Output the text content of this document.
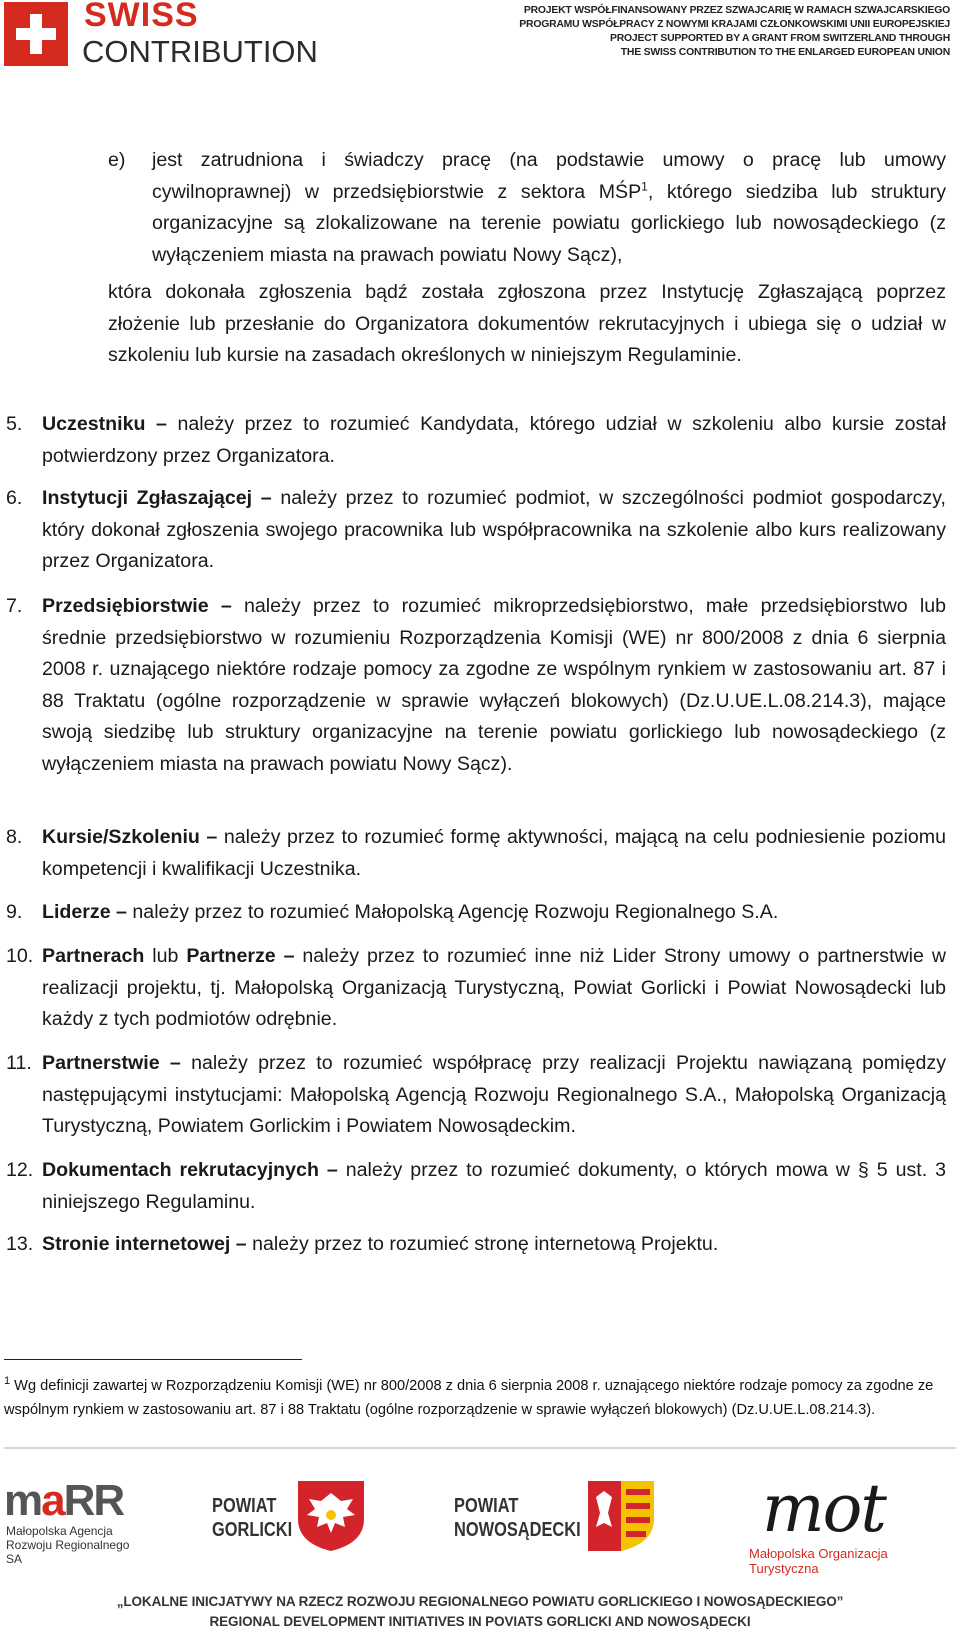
SWISS
CONTRIBUTION
PROJEKT WSPÓŁFINANSOWANY PRZEZ SZWAJCARIĘ W RAMACH SZWAJCARSKIEGO
PROGRAMU WSPÓŁPRACY Z NOWYMI KRAJAMI CZŁONKOWSKIMI UNII EUROPEJSKIEJ
PROJECT SUPPORTED BY A GRANT FROM SWITZERLAND THROUGH
THE SWISS CONTRIBUTION TO THE ENLARGED EUROPEAN UNION
e) jest zatrudniona i świadczy pracę (na podstawie umowy o pracę lub umowy cywilnoprawnej) w przedsiębiorstwie z sektora MŚP$^1$, którego siedziba lub struktury organizacyjne są zlokalizowane na terenie powiatu gorlickiego lub nowosądeckiego (z wyłączeniem miasta na prawach powiatu Nowy Sącz),
która dokonała zgłoszenia bądź została zgłoszona przez Instytucję Zgłaszającą poprzez złożenie lub przesłanie do Organizatora dokumentów rekrutacyjnych i ubiega się o udział w szkoleniu lub kursie na zasadach określonych w niniejszym Regulaminie.
5. Uczestniku – należy przez to rozumieć Kandydata, którego udział w szkoleniu albo kursie został potwierdzony przez Organizatora.
6. Instytucji Zgłaszającej – należy przez to rozumieć podmiot, w szczególności podmiot gospodarczy, który dokonał zgłoszenia swojego pracownika lub współpracownika na szkolenie albo kurs realizowany przez Organizatora.
7. Przedsiębiorstwie – należy przez to rozumieć mikroprzedsiębiorstwo, małe przedsiębiorstwo lub średnie przedsiębiorstwo w rozumieniu Rozporządzenia Komisji (WE) nr 800/2008 z dnia 6 sierpnia 2008 r. uznającego niektóre rodzaje pomocy za zgodne ze wspólnym rynkiem w zastosowaniu art. 87 i 88 Traktatu (ogólne rozporządzenie w sprawie wyłączeń blokowych) (Dz.U.UE.L.08.214.3), mające swoją siedzibę lub struktury organizacyjne na terenie powiatu gorlickiego lub nowosądeckiego (z wyłączeniem miasta na prawach powiatu Nowy Sącz).
8. Kursie/Szkoleniu – należy przez to rozumieć formę aktywności, mającą na celu podniesienie poziomu kompetencji i kwalifikacji Uczestnika.
9. Liderze – należy przez to rozumieć Małopolską Agencję Rozwoju Regionalnego S.A.
10. Partnerach lub Partnerze – należy przez to rozumieć inne niż Lider Strony umowy o partnerstwie w realizacji projektu, tj. Małopolską Organizacją Turystyczną, Powiat Gorlicki i Powiat Nowosądecki lub każdy z tych podmiotów odrębnie.
11. Partnerstwie – należy przez to rozumieć współpracę przy realizacji Projektu nawiązaną pomiędzy następującymi instytucjami: Małopolską Agencją Rozwoju Regionalnego S.A., Małopolską Organizacją Turystyczną, Powiatem Gorlickim i Powiatem Nowosądeckim.
12. Dokumentach rekrutacyjnych – należy przez to rozumieć dokumenty, o których mowa w § 5 ust. 3 niniejszego Regulaminu.
13. Stronie internetowej – należy przez to rozumieć stronę internetową Projektu.
$^1$ Wg definicji zawartej w Rozporządzeniu Komisji (WE) nr 800/2008 z dnia 6 sierpnia 2008 r. uznającego niektóre rodzaje pomocy za zgodne ze wspólnym rynkiem w zastosowaniu art. 87 i 88 Traktatu (ogólne rozporządzenie w sprawie wyłączeń blokowych) (Dz.U.UE.L.08.214.3).
maRR
Małopolska Agencja
Rozwoju Regionalnego SA
POWIAT
GORLICKI
POWIAT
NOWOSĄDECKI	mot
Małopolska Organizacja Turystyczna
„LOKALNE INICJATYWY NA RZECZ ROZWOJU REGIONALNEGO POWIATU GORLICKIEGO I NOWOSĄDECKIEGO”
REGIONAL DEVELOPMENT INITIATIVES IN POVIATS GORLICKI AND NOWOSĄDECKI
